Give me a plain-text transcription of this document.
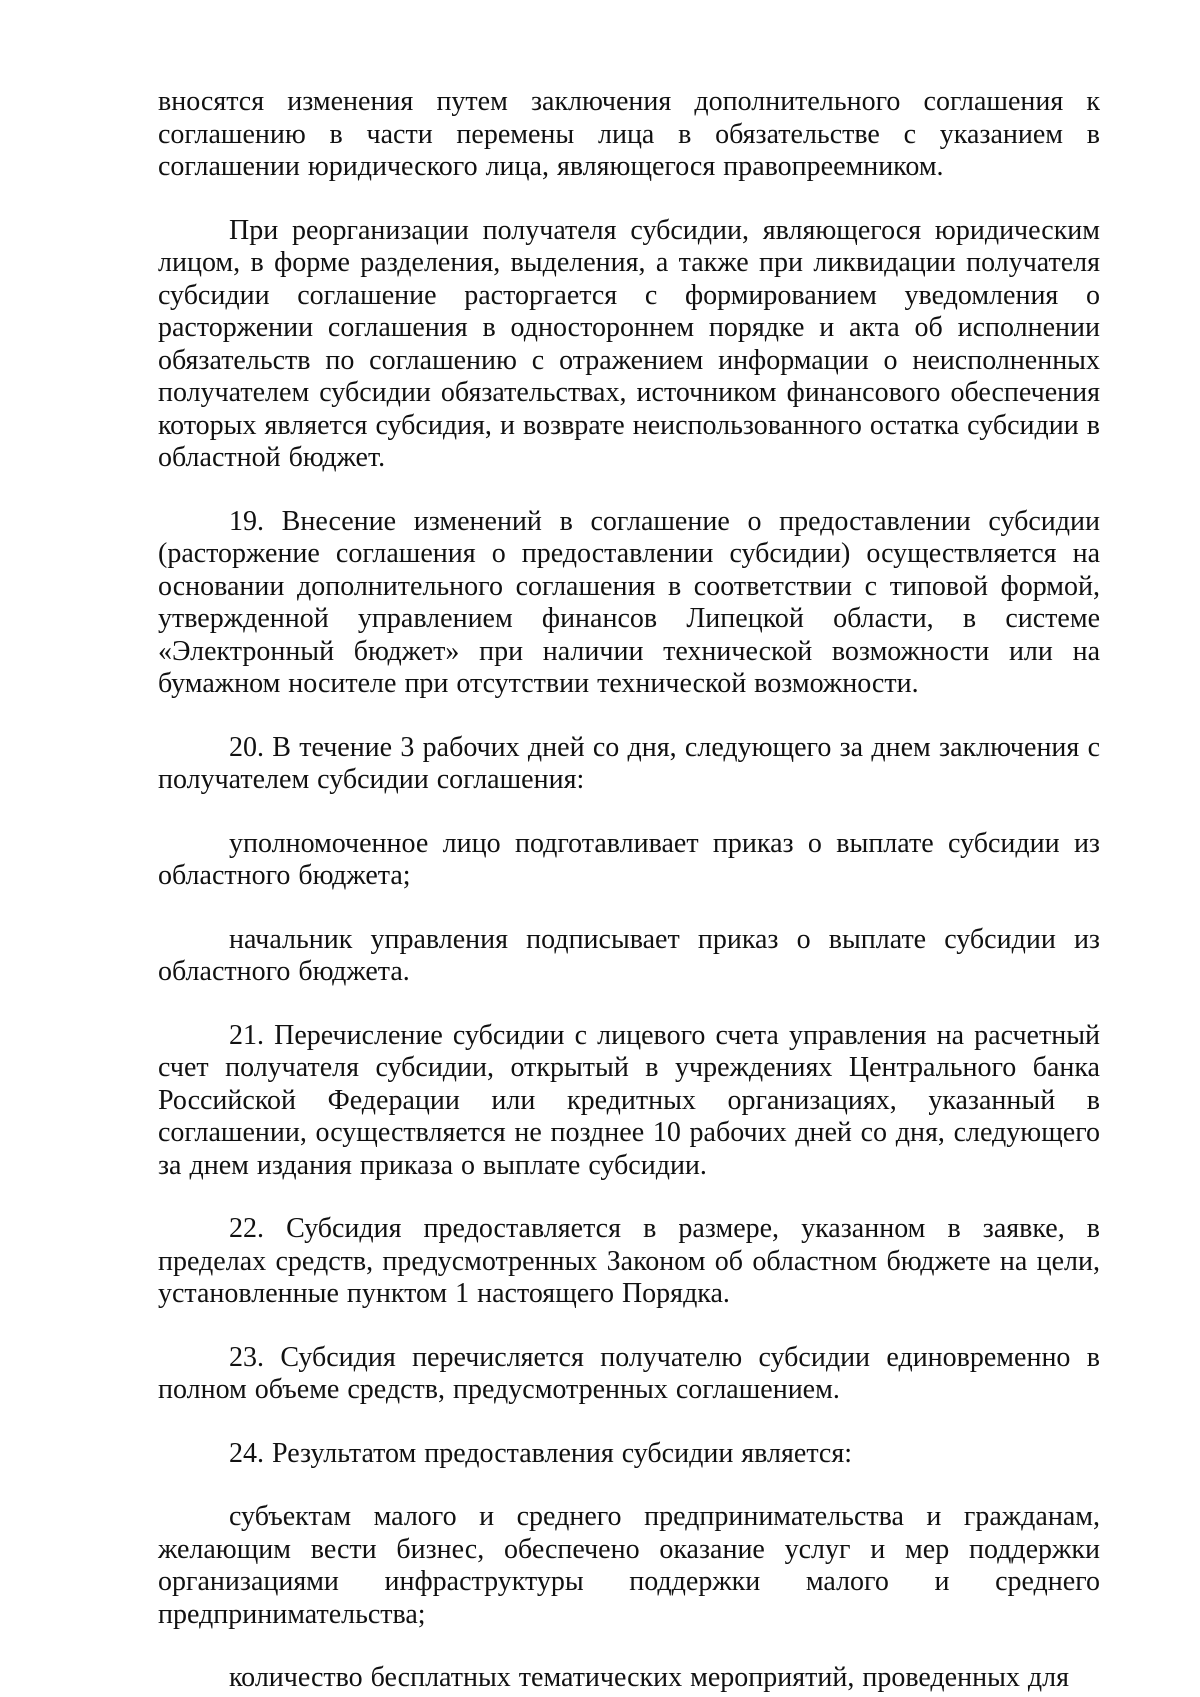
вносятся изменения путем заключения дополнительного соглашения к соглашению в части перемены лица в обязательстве с указанием в соглашении юридического лица, являющегося правопреемником.

При реорганизации получателя субсидии, являющегося юридическим лицом, в форме разделения, выделения, а также при ликвидации получателя субсидии соглашение расторгается с формированием уведомления о расторжении соглашения в одностороннем порядке и акта об исполнении обязательств по соглашению с отражением информации о неисполненных получателем субсидии обязательствах, источником финансового обеспечения которых является субсидия, и возврате неиспользованного остатка субсидии в областной бюджет.

19. Внесение изменений в соглашение о предоставлении субсидии (расторжение соглашения о предоставлении субсидии) осуществляется на основании дополнительного соглашения в соответствии с типовой формой, утвержденной управлением финансов Липецкой области, в системе «Электронный бюджет» при наличии технической возможности или на бумажном носителе при отсутствии технической возможности.

20. В течение 3 рабочих дней со дня, следующего за днем заключения с получателем субсидии соглашения:

уполномоченное лицо подготавливает приказ о выплате субсидии из областного бюджета;

начальник управления подписывает приказ о выплате субсидии из областного бюджета.

21. Перечисление субсидии с лицевого счета управления на расчетный счет получателя субсидии, открытый в учреждениях Центрального банка Российской Федерации или кредитных организациях, указанный в соглашении, осуществляется не позднее 10 рабочих дней со дня, следующего за днем издания приказа о выплате субсидии.

22. Субсидия предоставляется в размере, указанном в заявке, в пределах средств, предусмотренных Законом об областном бюджете на цели, установленные пунктом 1 настоящего Порядка.

23. Субсидия перечисляется получателю субсидии единовременно в полном объеме средств, предусмотренных соглашением.

24. Результатом предоставления субсидии является:

субъектам малого и среднего предпринимательства и гражданам, желающим вести бизнес, обеспечено оказание услуг и мер поддержки организациями инфраструктуры поддержки малого и среднего предпринимательства;

количество бесплатных тематических мероприятий, проведенных для
